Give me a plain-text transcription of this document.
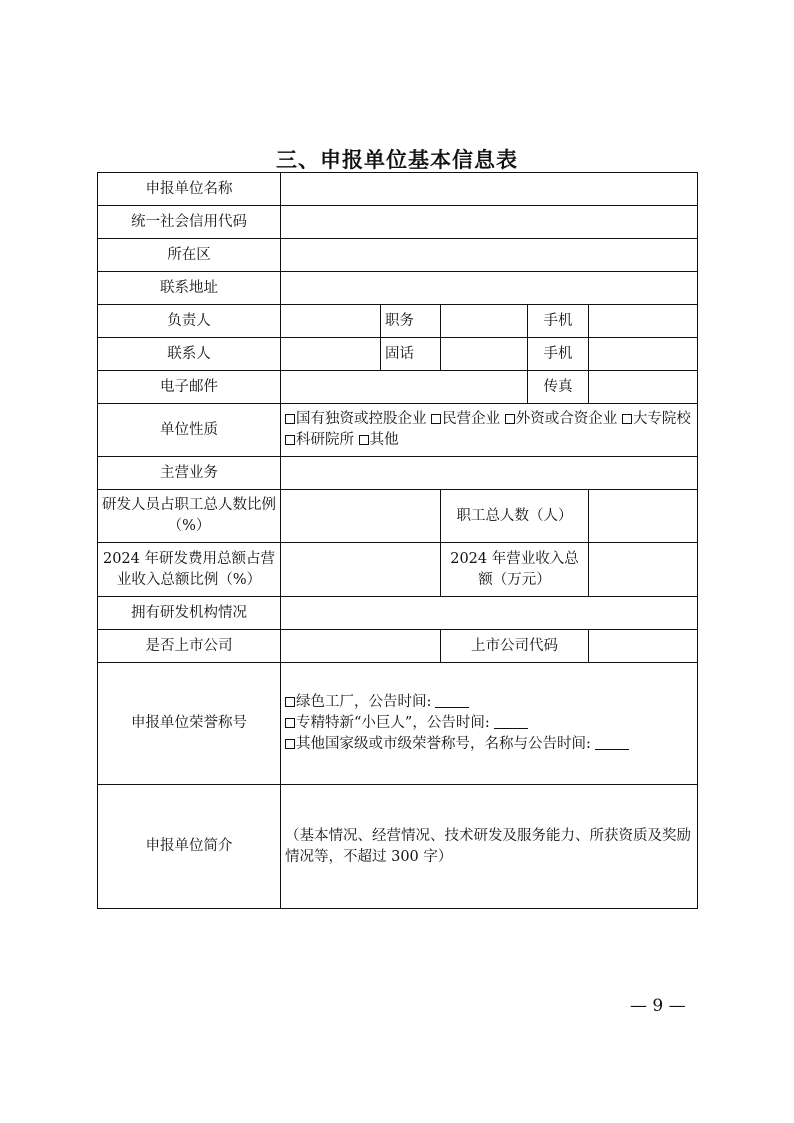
三、申报单位基本信息表
申报单位名称					
统一社会信用代码					
所在区					
联系地址					
负责人		职务		手机	
联系人		固话		手机	
电子邮件				传真	
单位性质	国有独资或控股企业 民营企业 外资或合资企业 大专院校 科研院所 其他				
主营业务					
研发人员占职工总人数比例（%）			职工总人数（人）		
2024 年研发费用总额占营业收入总额比例（%）			2024 年营业收入总额（万元）		
拥有研发机构情况					
是否上市公司			上市公司代码		
申报单位荣誉称号	绿色工厂，公告时间:
专精特新“小巨人”，公告时间:
其他国家级或市级荣誉称号，名称与公告时间:				

申报单位简介	（基本情况、经营情况、技术研发及服务能力、所获资质及奖励情况等，不超过 300 字）				
— 9 —
